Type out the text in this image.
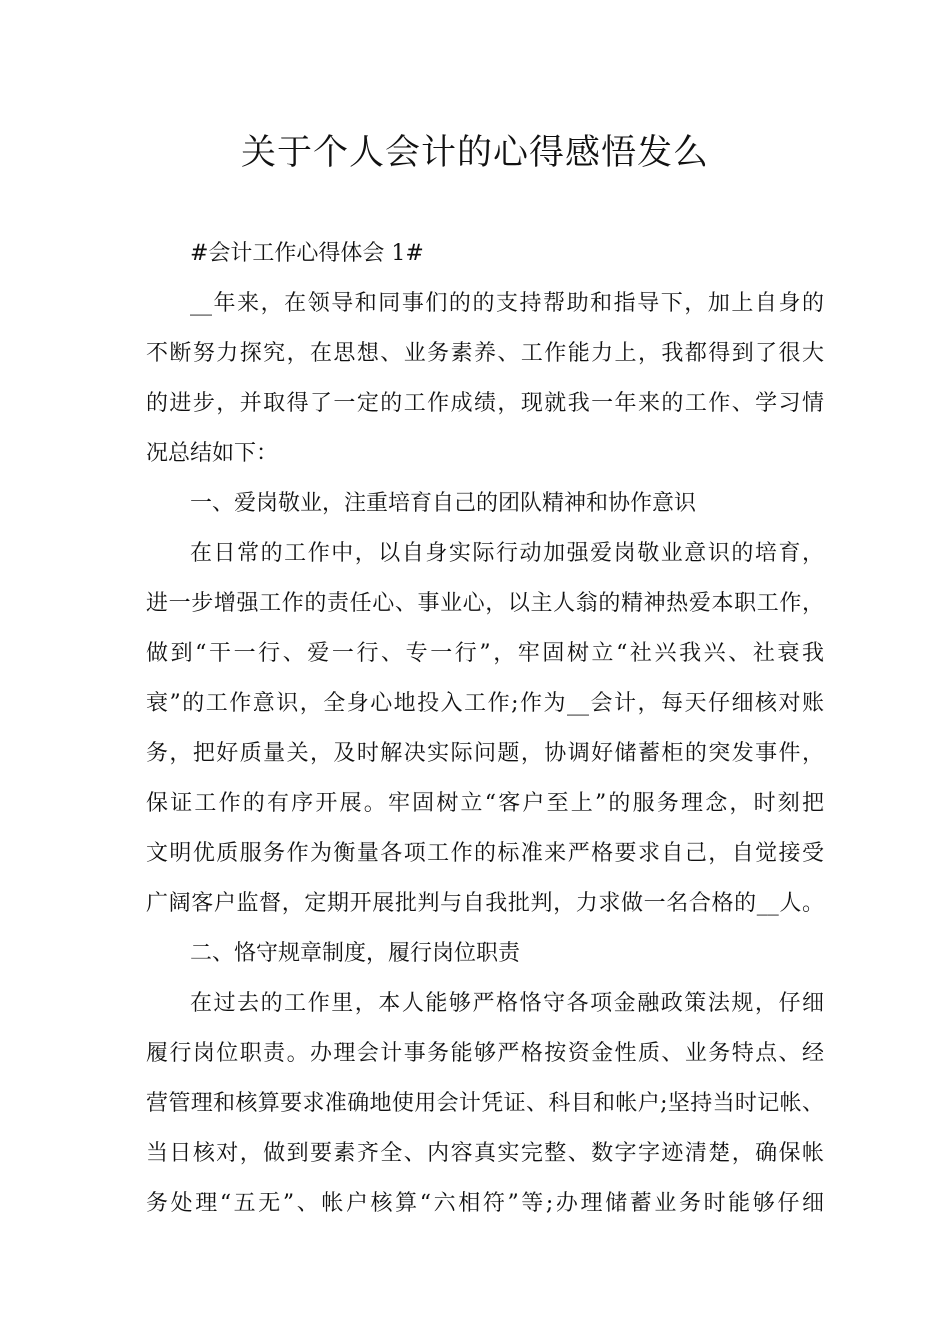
关于个人会计的心得感悟发么
#会计工作心得体会 1#
__年来，在领导和同事们的的支持帮助和指导下，加上自身的
不断努力探究，在思想、业务素养、工作能力上，我都得到了很大
的进步，并取得了一定的工作成绩，现就我一年来的工作、学习情
况总结如下：
一、爱岗敬业，注重培育自己的团队精神和协作意识
在日常的工作中，以自身实际行动加强爱岗敬业意识的培育，
进一步增强工作的责任心、事业心，以主人翁的精神热爱本职工作，
做到“干一行、爱一行、专一行”，牢固树立“社兴我兴、社衰我
衰”的工作意识，全身心地投入工作;作为__会计，每天仔细核对账
务，把好质量关，及时解决实际问题，协调好储蓄柜的突发事件，
保证工作的有序开展。牢固树立“客户至上”的服务理念，时刻把
文明优质服务作为衡量各项工作的标准来严格要求自己，自觉接受
广阔客户监督，定期开展批判与自我批判，力求做一名合格的__人。
二、恪守规章制度，履行岗位职责
在过去的工作里，本人能够严格恪守各项金融政策法规，仔细
履行岗位职责。办理会计事务能够严格按资金性质、业务特点、经
营管理和核算要求准确地使用会计凭证、科目和帐户;坚持当时记帐、
当日核对，做到要素齐全、内容真实完整、数字字迹清楚，确保帐
务处理“五无”、帐户核算“六相符”等;办理储蓄业务时能够仔细
